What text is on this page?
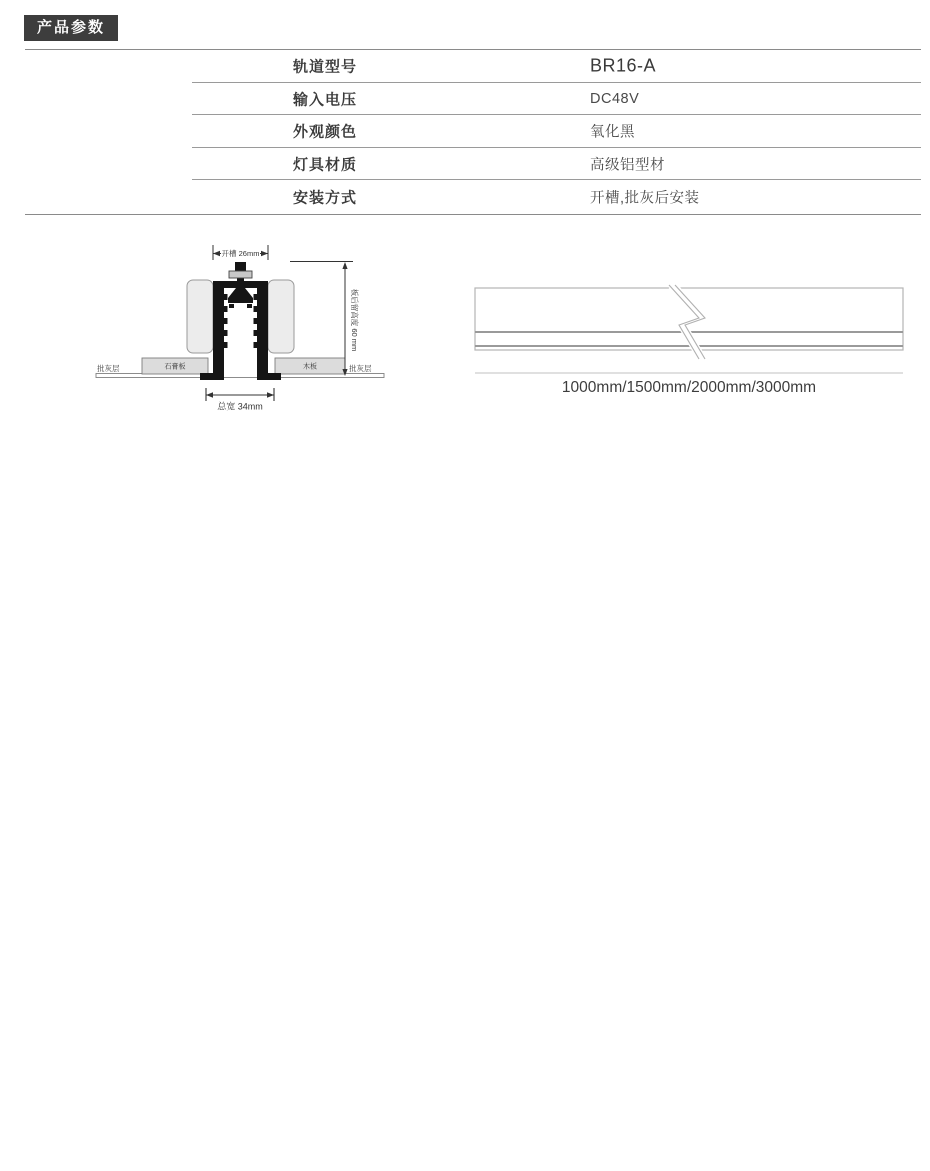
产品参数
轨道型号	BR16-A
输入电压	DC48V
外观颜色	氧化黑
灯具材质	高级铝型材
安装方式	开槽,批灰后安装
开槽 26mm
板后留高度 60 mm
总宽 34mm
批灰层	批灰层
石膏板	木板
1000mm/1500mm/2000mm/3000mm
